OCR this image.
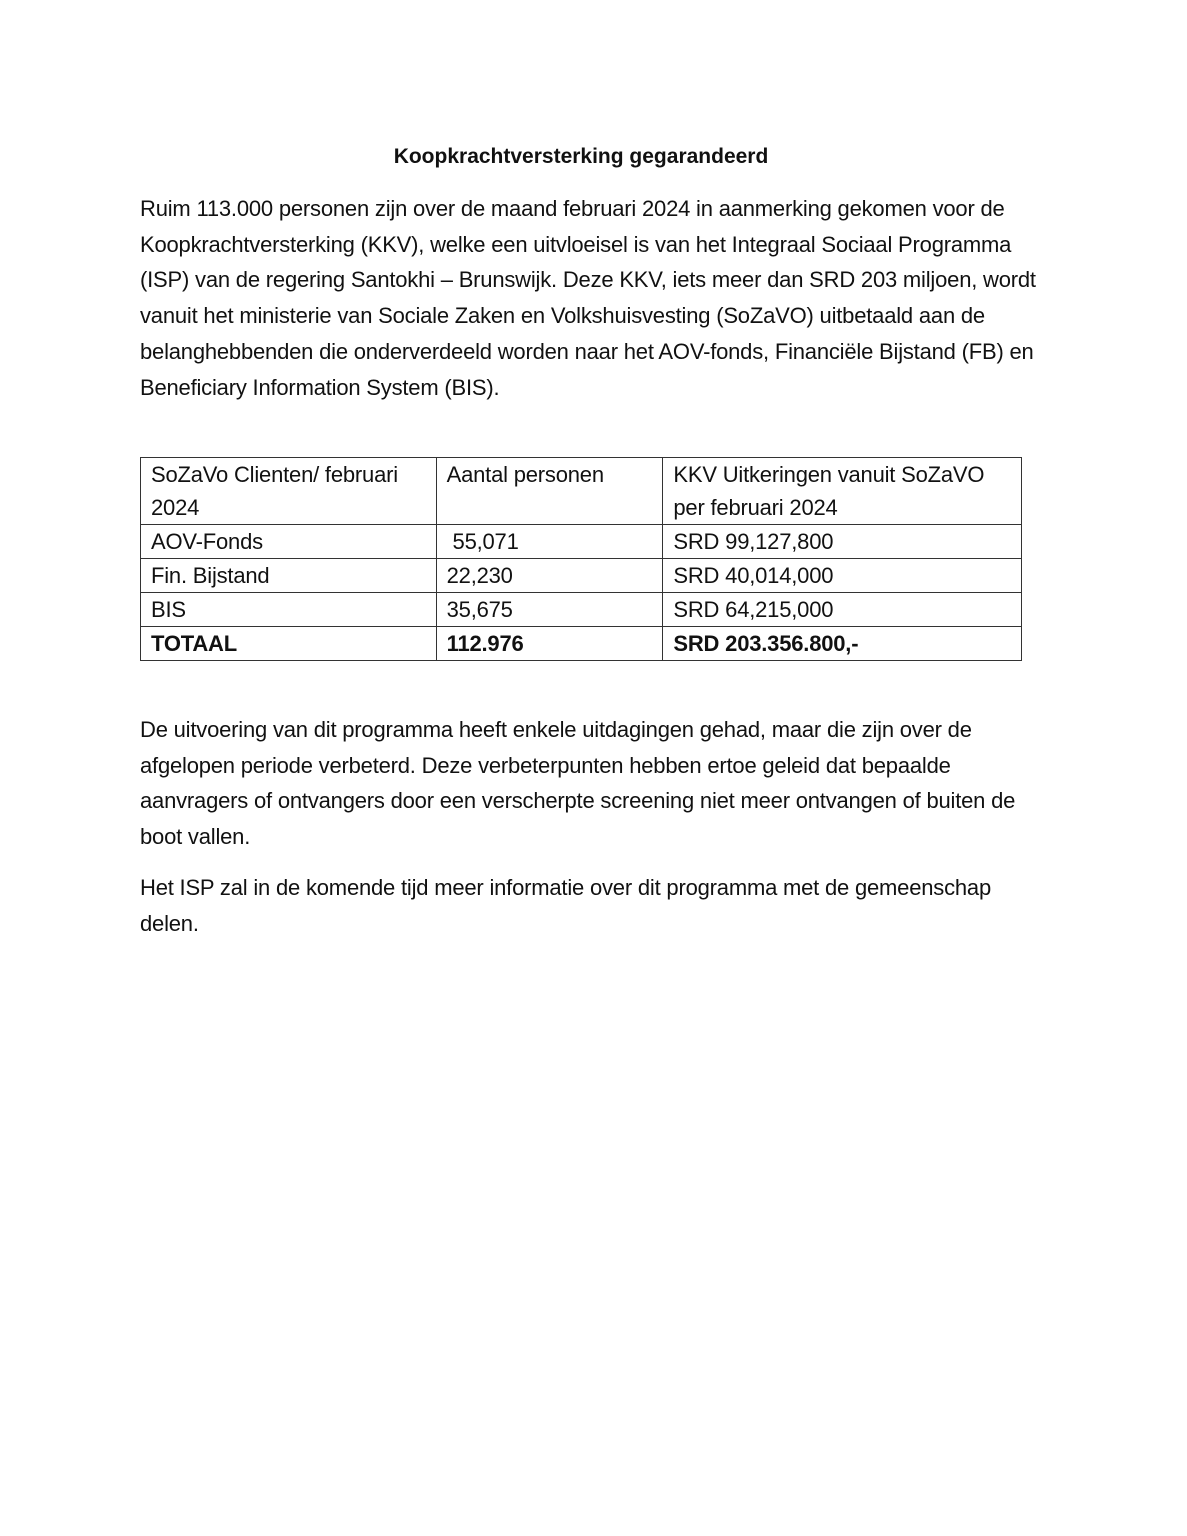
Koopkrachtversterking gegarandeerd

Ruim 113.000 personen zijn over de maand februari 2024 in aanmerking gekomen voor de Koopkrachtversterking (KKV), welke een uitvloeisel is van het Integraal Sociaal Programma (ISP) van de regering Santokhi – Brunswijk. Deze KKV, iets meer dan SRD 203 miljoen, wordt vanuit het ministerie van Sociale Zaken en Volkshuisvesting (SoZaVO) uitbetaald aan de belanghebbenden die onderverdeeld worden naar het AOV-fonds, Financiële Bijstand (FB) en Beneficiary Information System (BIS).

SoZaVo Clienten/ februari 2024	Aantal personen	KKV Uitkeringen vanuit SoZaVO per februari 2024
AOV-Fonds	55,071	SRD 99,127,800
Fin. Bijstand	22,230	SRD 40,014,000
BIS	35,675	SRD 64,215,000
TOTAAL	112.976	SRD 203.356.800,-

De uitvoering van dit programma heeft enkele uitdagingen gehad, maar die zijn over de afgelopen periode verbeterd. Deze verbeterpunten hebben ertoe geleid dat bepaalde aanvragers of ontvangers door een verscherpte screening niet meer ontvangen of buiten de boot vallen.

Het ISP zal in de komende tijd meer informatie over dit programma met de gemeenschap delen.
